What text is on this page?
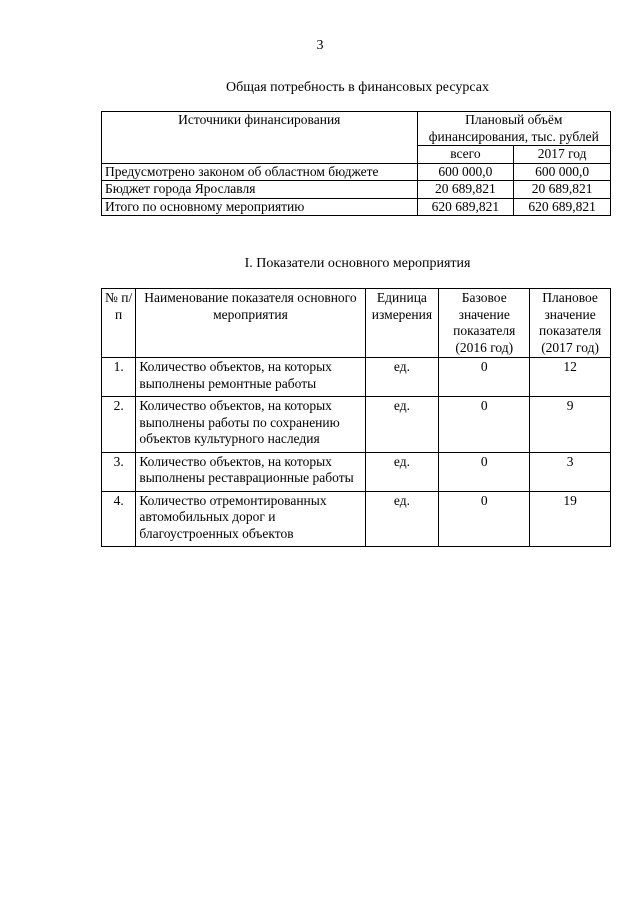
3
Общая потребность в финансовых ресурсах
Источники финансирования	Плановый объём финансирования, тыс. рублей	
	всего	2017 год
Предусмотрено законом об областном бюджете	600 000,0	600 000,0
Бюджет города Ярославля	20 689,821	20 689,821
Итого по основному мероприятию	620 689,821	620 689,821
I. Показатели основного мероприятия
№ п/п	Наименование показателя основного мероприятия	Единица измерения	Базовое значение показателя (2016 год)	Плановое значение показателя (2017 год)
1.	Количество объектов, на которых выполнены ремонтные работы	ед.	0	12
2.	Количество объектов, на которых выполнены работы по сохранению объектов культурного наследия	ед.	0	9
3.	Количество объектов, на которых выполнены реставрационные работы	ед.	0	3
4.	Количество отремонтированных автомобильных дорог и благоустроенных объектов	ед.	0	19
